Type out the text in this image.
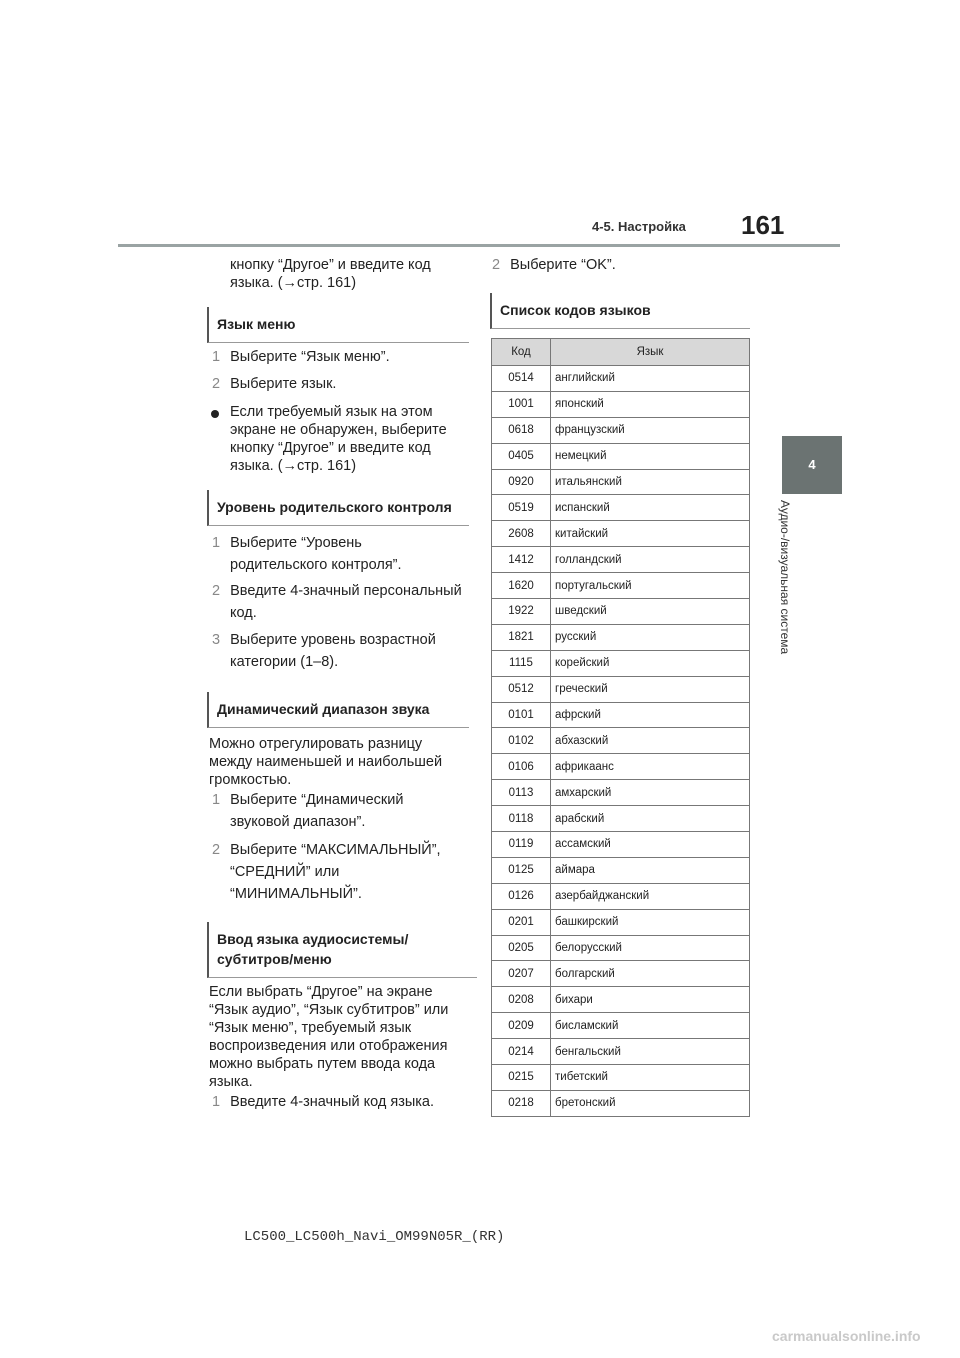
4-5. Настройка 161
4
Аудио-/визуальная система
кнопку “Другое” и введите код
языка. (→стр. 161)
Язык меню
1 Выберите “Язык меню”.
2 Выберите язык.
Если требуемый язык на этом
экране не обнаружен, выберите
кнопку “Другое” и введите код
языка. (→стр. 161)
Уровень родительского контроля
1 Выберите “Уровень
родительского контроля”.
2 Введите 4-значный персональный
код.
3 Выберите уровень возрастной
категории (1–8).
Динамический диапазон звука
Можно отрегулировать разницу
между наименьшей и наибольшей
громкостью.
1 Выберите “Динамический
звуковой диапазон”.
2 Выберите “МАКСИМАЛЬНЫЙ”,
“СРЕДНИЙ” или
“МИНИМАЛЬНЫЙ”.
Ввод языка аудиосистемы/
субтитров/меню
Если выбрать “Другое” на экране
“Язык аудио”, “Язык субтитров” или
“Язык меню”, требуемый язык
воспроизведения или отображения
можно выбрать путем ввода кода
языка.
1 Введите 4-значный код языка.
2 Выберите “OK”.
Список кодов языков
Код	Язык
0514	английский
1001	японский
0618	французский
0405	немецкий
0920	итальянский
0519	испанский
2608	китайский
1412	голландский
1620	португальский
1922	шведский
1821	русский
1115	корейский
0512	греческий
0101	афрский
0102	абхазский
0106	африкаанс
0113	амхарский
0118	арабский
0119	ассамский
0125	аймара
0126	азербайджанский
0201	башкирский
0205	белорусский
0207	болгарский
0208	бихари
0209	бисламский
0214	бенгальский
0215	тибетский
0218	бретонский
LC500_LC500h_Navi_OM99N05R_(RR)
carmanualsonline.info
